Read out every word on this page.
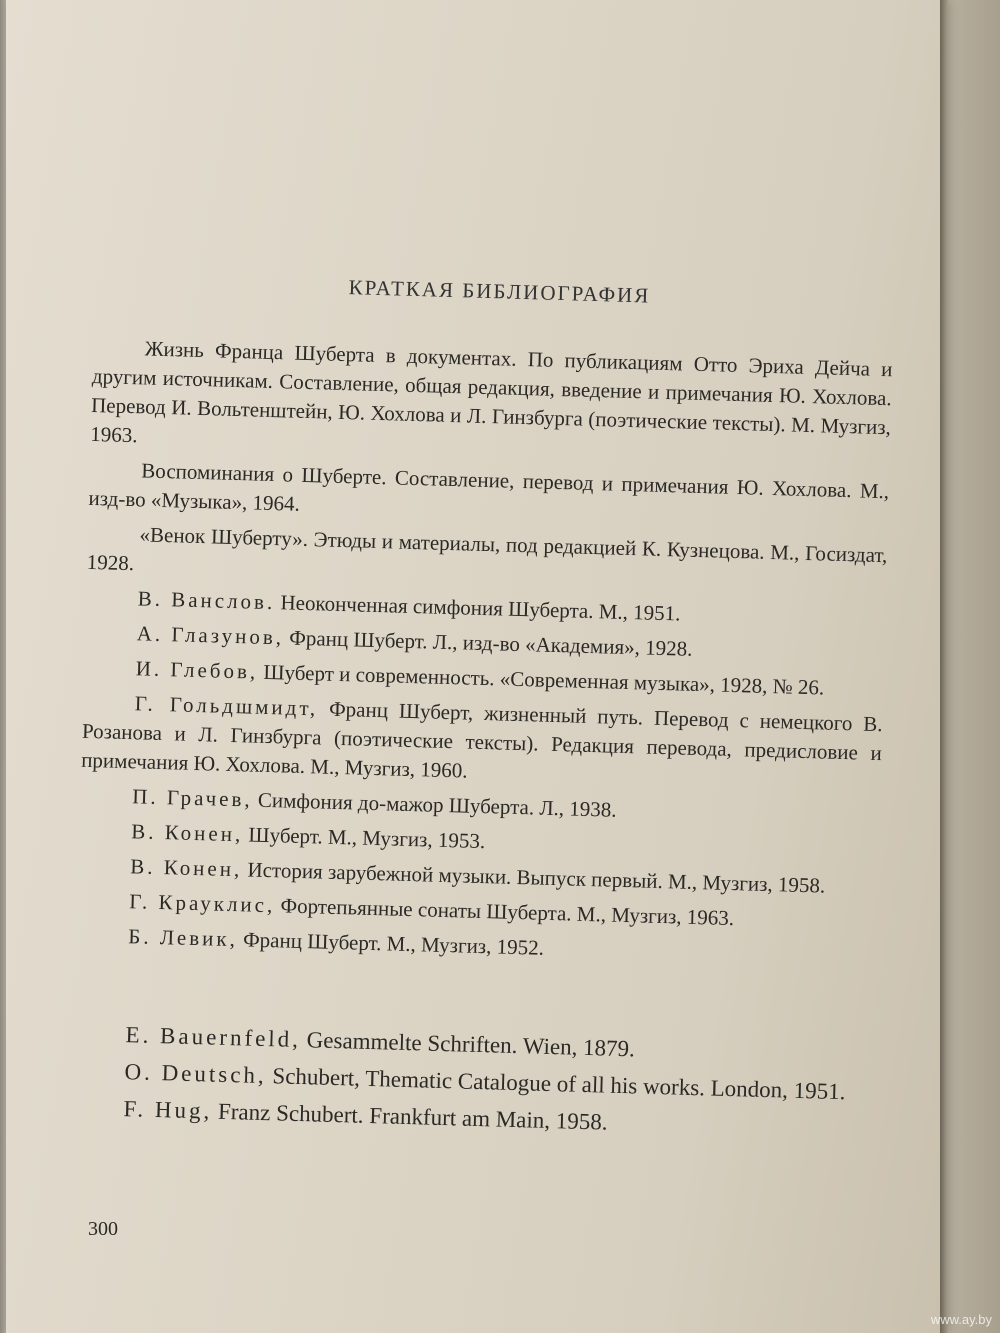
КРАТКАЯ БИБЛИОГРАФИЯ

Жизнь Франца Шуберта в документах. По публикациям Отто Эриха Дейча и другим источникам. Составление, общая редакция, введение и примечания Ю. Хохлова. Перевод И. Вольтенштейн, Ю. Хохлова и Л. Гинзбурга (поэтические тексты). М. Музгиз, 1963.

Воспоминания о Шуберте. Составление, перевод и примечания Ю. Хохлова. М., изд-во «Музыка», 1964.

«Венок Шуберту». Этюды и материалы, под редакцией К. Кузнецова. М., Госиздат, 1928.

В. Ванслов. Неоконченная симфония Шуберта. М., 1951.

А. Глазунов, Франц Шуберт. Л., изд-во «Академия», 1928.

И. Глебов, Шуберт и современность. «Современная музыка», 1928, № 26.

Г. Гольдшмидт, Франц Шуберт, жизненный путь. Перевод с немецкого В. Розанова и Л. Гинзбурга (поэтические тексты). Редакция перевода, предисловие и примечания Ю. Хохлова. М., Музгиз, 1960.

П. Грачев, Симфония до-мажор Шуберта. Л., 1938.

В. Конен, Шуберт. М., Музгиз, 1953.

В. Конен, История зарубежной музыки. Выпуск первый. М., Музгиз, 1958.

Г. Крауклис, Фортепьянные сонаты Шуберта. М., Музгиз, 1963.

Б. Левик, Франц Шуберт. М., Музгиз, 1952.

E. Bauernfeld, Gesammelte Schriften. Wien, 1879.

O. Deutsch, Schubert, Thematic Catalogue of all his works. London, 1951.

F. Hug, Franz Schubert. Frankfurt am Main, 1958.

300
www.ay.by
